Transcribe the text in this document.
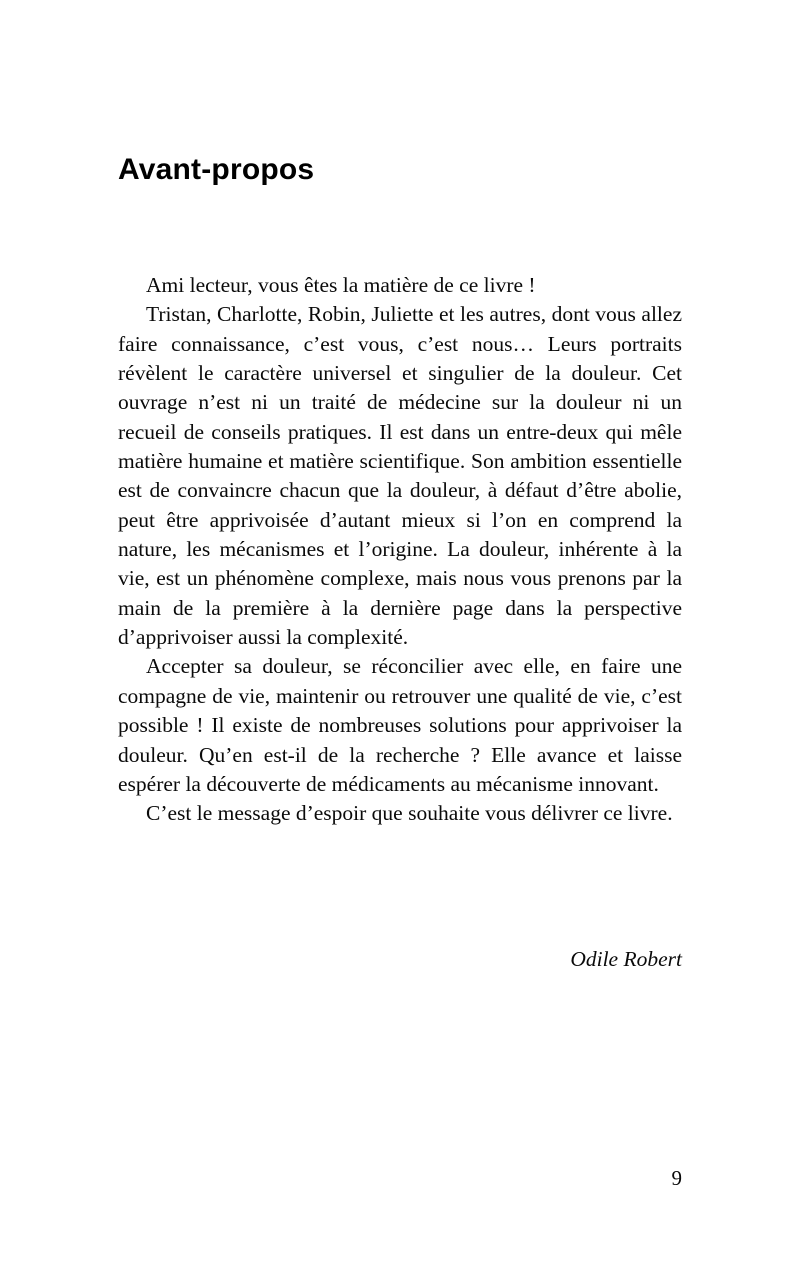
Avant-propos

Ami lecteur, vous êtes la matière de ce livre !

Tristan, Charlotte, Robin, Juliette et les autres, dont vous allez faire connaissance, c’est vous, c’est nous… Leurs portraits révèlent le caractère universel et singulier de la douleur. Cet ouvrage n’est ni un traité de médecine sur la douleur ni un recueil de conseils pratiques. Il est dans un entre-deux qui mêle matière humaine et matière scientifique. Son ambition essentielle est de convaincre chacun que la douleur, à défaut d’être abolie, peut être apprivoisée d’autant mieux si l’on en comprend la nature, les mécanismes et l’origine. La douleur, inhérente à la vie, est un phénomène complexe, mais nous vous prenons par la main de la première à la dernière page dans la perspective d’apprivoiser aussi la complexité.

Accepter sa douleur, se réconcilier avec elle, en faire une compagne de vie, maintenir ou retrouver une qualité de vie, c’est possible ! Il existe de nombreuses solutions pour apprivoiser la douleur. Qu’en est-il de la recherche ? Elle avance et laisse espérer la découverte de médicaments au mécanisme innovant.

C’est le message d’espoir que souhaite vous délivrer ce livre.

Odile Robert
9
